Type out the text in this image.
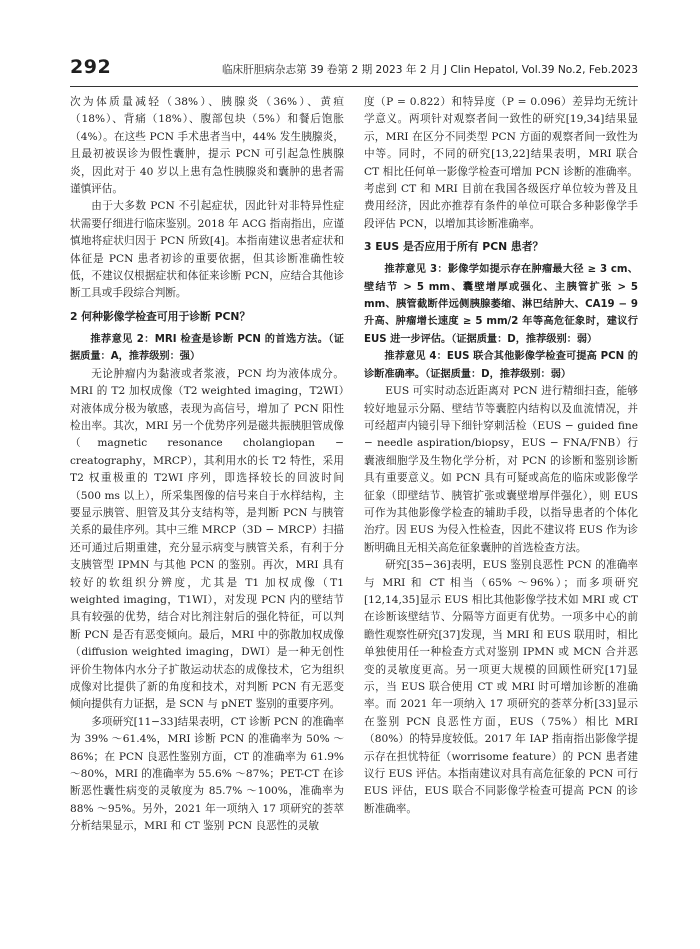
292	临床肝胆病杂志第 39 卷第 2 期 2023 年 2 月 J Clin Hepatol, Vol.39 No.2, Feb.2023

次为体质量减轻（38%）、胰腺炎（36%）、黄疸（18%）、背痛（18%）、腹部包块（5%）和餐后饱胀（4%）。在这些 PCN 手术患者当中，44% 发生胰腺炎，且最初被误诊为假性囊肿，提示 PCN 可引起急性胰腺炎，因此对于 40 岁以上患有急性胰腺炎和囊肿的患者需谨慎评估。

由于大多数 PCN 不引起症状，因此针对非特异性症状需要仔细进行临床鉴别。2018 年 ACG 指南指出，应谨慎地将症状归因于 PCN 所致[4]。本指南建议患者症状和体征是 PCN 患者初诊的重要依据，但其诊断准确性较低，不建议仅根据症状和体征来诊断 PCN，应结合其他诊断工具或手段综合判断。

2 何种影像学检查可用于诊断 PCN？

推荐意见 2：MRI 检查是诊断 PCN 的首选方法。（证据质量：A，推荐级别：强）

无论肿瘤内为黏液或者浆液，PCN 均为液体成分。MRI 的 T2 加权成像（T2 weighted imaging，T2WI）对液体成分极为敏感，表现为高信号，增加了 PCN 阳性检出率。其次，MRI 另一个优势序列是磁共振胰胆管成像（magnetic resonance cholangiopan − creatography，MRCP），其利用水的长 T2 特性，采用 T2 权重极重的 T2WI 序列，即选择较长的回波时间（500 ms 以上），所采集图像的信号来自于水样结构，主要显示胰管、胆管及其分支结构等，是判断 PCN 与胰管关系的最佳序列。其中三维 MRCP（3D − MRCP）扫描还可通过后期重建，充分显示病变与胰管关系，有利于分支胰管型 IPMN 与其他 PCN 的鉴别。再次，MRI 具有较好的软组织分辨度，尤其是 T1 加权成像（T1 weighted imaging，T1WI），对发现 PCN 内的壁结节具有较强的优势，结合对比剂注射后的强化特征，可以判断 PCN 是否有恶变倾向。最后，MRI 中的弥散加权成像（diffusion weighted imaging，DWI）是一种无创性评价生物体内水分子扩散运动状态的成像技术，它为组织成像对比提供了新的角度和技术，对判断 PCN 有无恶变倾向提供有力证据，是 SCN 与 pNET 鉴别的重要序列。

多项研究[11−33]结果表明，CT 诊断 PCN 的准确率为 39% ～61.4%，MRI 诊断 PCN 的准确率为 50% ～86%；在 PCN 良恶性鉴别方面，CT 的准确率为 61.9% ～80%，MRI 的准确率为 55.6% ～87%；PET-CT 在诊断恶性囊性病变的灵敏度为 85.7% ～100%，准确率为 88% ～95%。另外，2021 年一项纳入 17 项研究的荟萃分析结果显示，MRI 和 CT 鉴别 PCN 良恶性的灵敏

度（P = 0.822）和特异度（P = 0.096）差异均无统计学意义。两项针对观察者间一致性的研究[19,34]结果显示，MRI 在区分不同类型 PCN 方面的观察者间一致性为中等。同时，不同的研究[13,22]结果表明，MRI 联合 CT 相比任何单一影像学检查可增加 PCN 诊断的准确率。考虑到 CT 和 MRI 目前在我国各级医疗单位较为普及且费用经济，因此亦推荐有条件的单位可联合多种影像学手段评估 PCN，以增加其诊断准确率。

3 EUS 是否应用于所有 PCN 患者？

推荐意见 3：影像学如提示存在肿瘤最大径 ≥ 3 cm、壁结节 > 5 mm、囊壁增厚或强化、主胰管扩张 > 5 mm、胰管截断伴远侧胰腺萎缩、淋巴结肿大、CA19 − 9 升高、肿瘤增长速度 ≥ 5 mm/2 年等高危征象时，建议行 EUS 进一步评估。（证据质量：D，推荐级别：弱）

推荐意见 4：EUS 联合其他影像学检查可提高 PCN 的诊断准确率。（证据质量：D，推荐级别：弱）

EUS 可实时动态近距离对 PCN 进行精细扫查，能够较好地显示分隔、壁结节等囊腔内结构以及血流情况，并可经超声内镜引导下细针穿刺活检（EUS − guided fine − needle aspiration/biopsy，EUS − FNA/FNB）行囊液细胞学及生物化学分析，对 PCN 的诊断和鉴别诊断具有重要意义。如 PCN 具有可疑或高危的临床或影像学征象（即壁结节、胰管扩张或囊壁增厚伴强化），则 EUS 可作为其他影像学检查的辅助手段，以指导患者的个体化治疗。因 EUS 为侵入性检查，因此不建议将 EUS 作为诊断明确且无相关高危征象囊肿的首选检查方法。

研究[35−36]表明，EUS 鉴别良恶性 PCN 的准确率与 MRI 和 CT 相当（65% ～96%）；而多项研究[12,14,35]显示 EUS 相比其他影像学技术如 MRI 或 CT 在诊断该壁结节、分隔等方面更有优势。一项多中心的前瞻性观察性研究[37]发现，当 MRI 和 EUS 联用时，相比单独使用任一种检查方式对鉴别 IPMN 或 MCN 合并恶变的灵敏度更高。另一项更大规模的回顾性研究[17]显示，当 EUS 联合使用 CT 或 MRI 时可增加诊断的准确率。而 2021 年一项纳入 17 项研究的荟萃分析[33]显示在鉴别 PCN 良恶性方面，EUS（75%）相比 MRI（80%）的特异度较低。2017 年 IAP 指南指出影像学提示存在担忧特征（worrisome feature）的 PCN 患者建议行 EUS 评估。本指南建议对具有高危征象的 PCN 可行 EUS 评估，EUS 联合不同影像学检查可提高 PCN 的诊断准确率。
